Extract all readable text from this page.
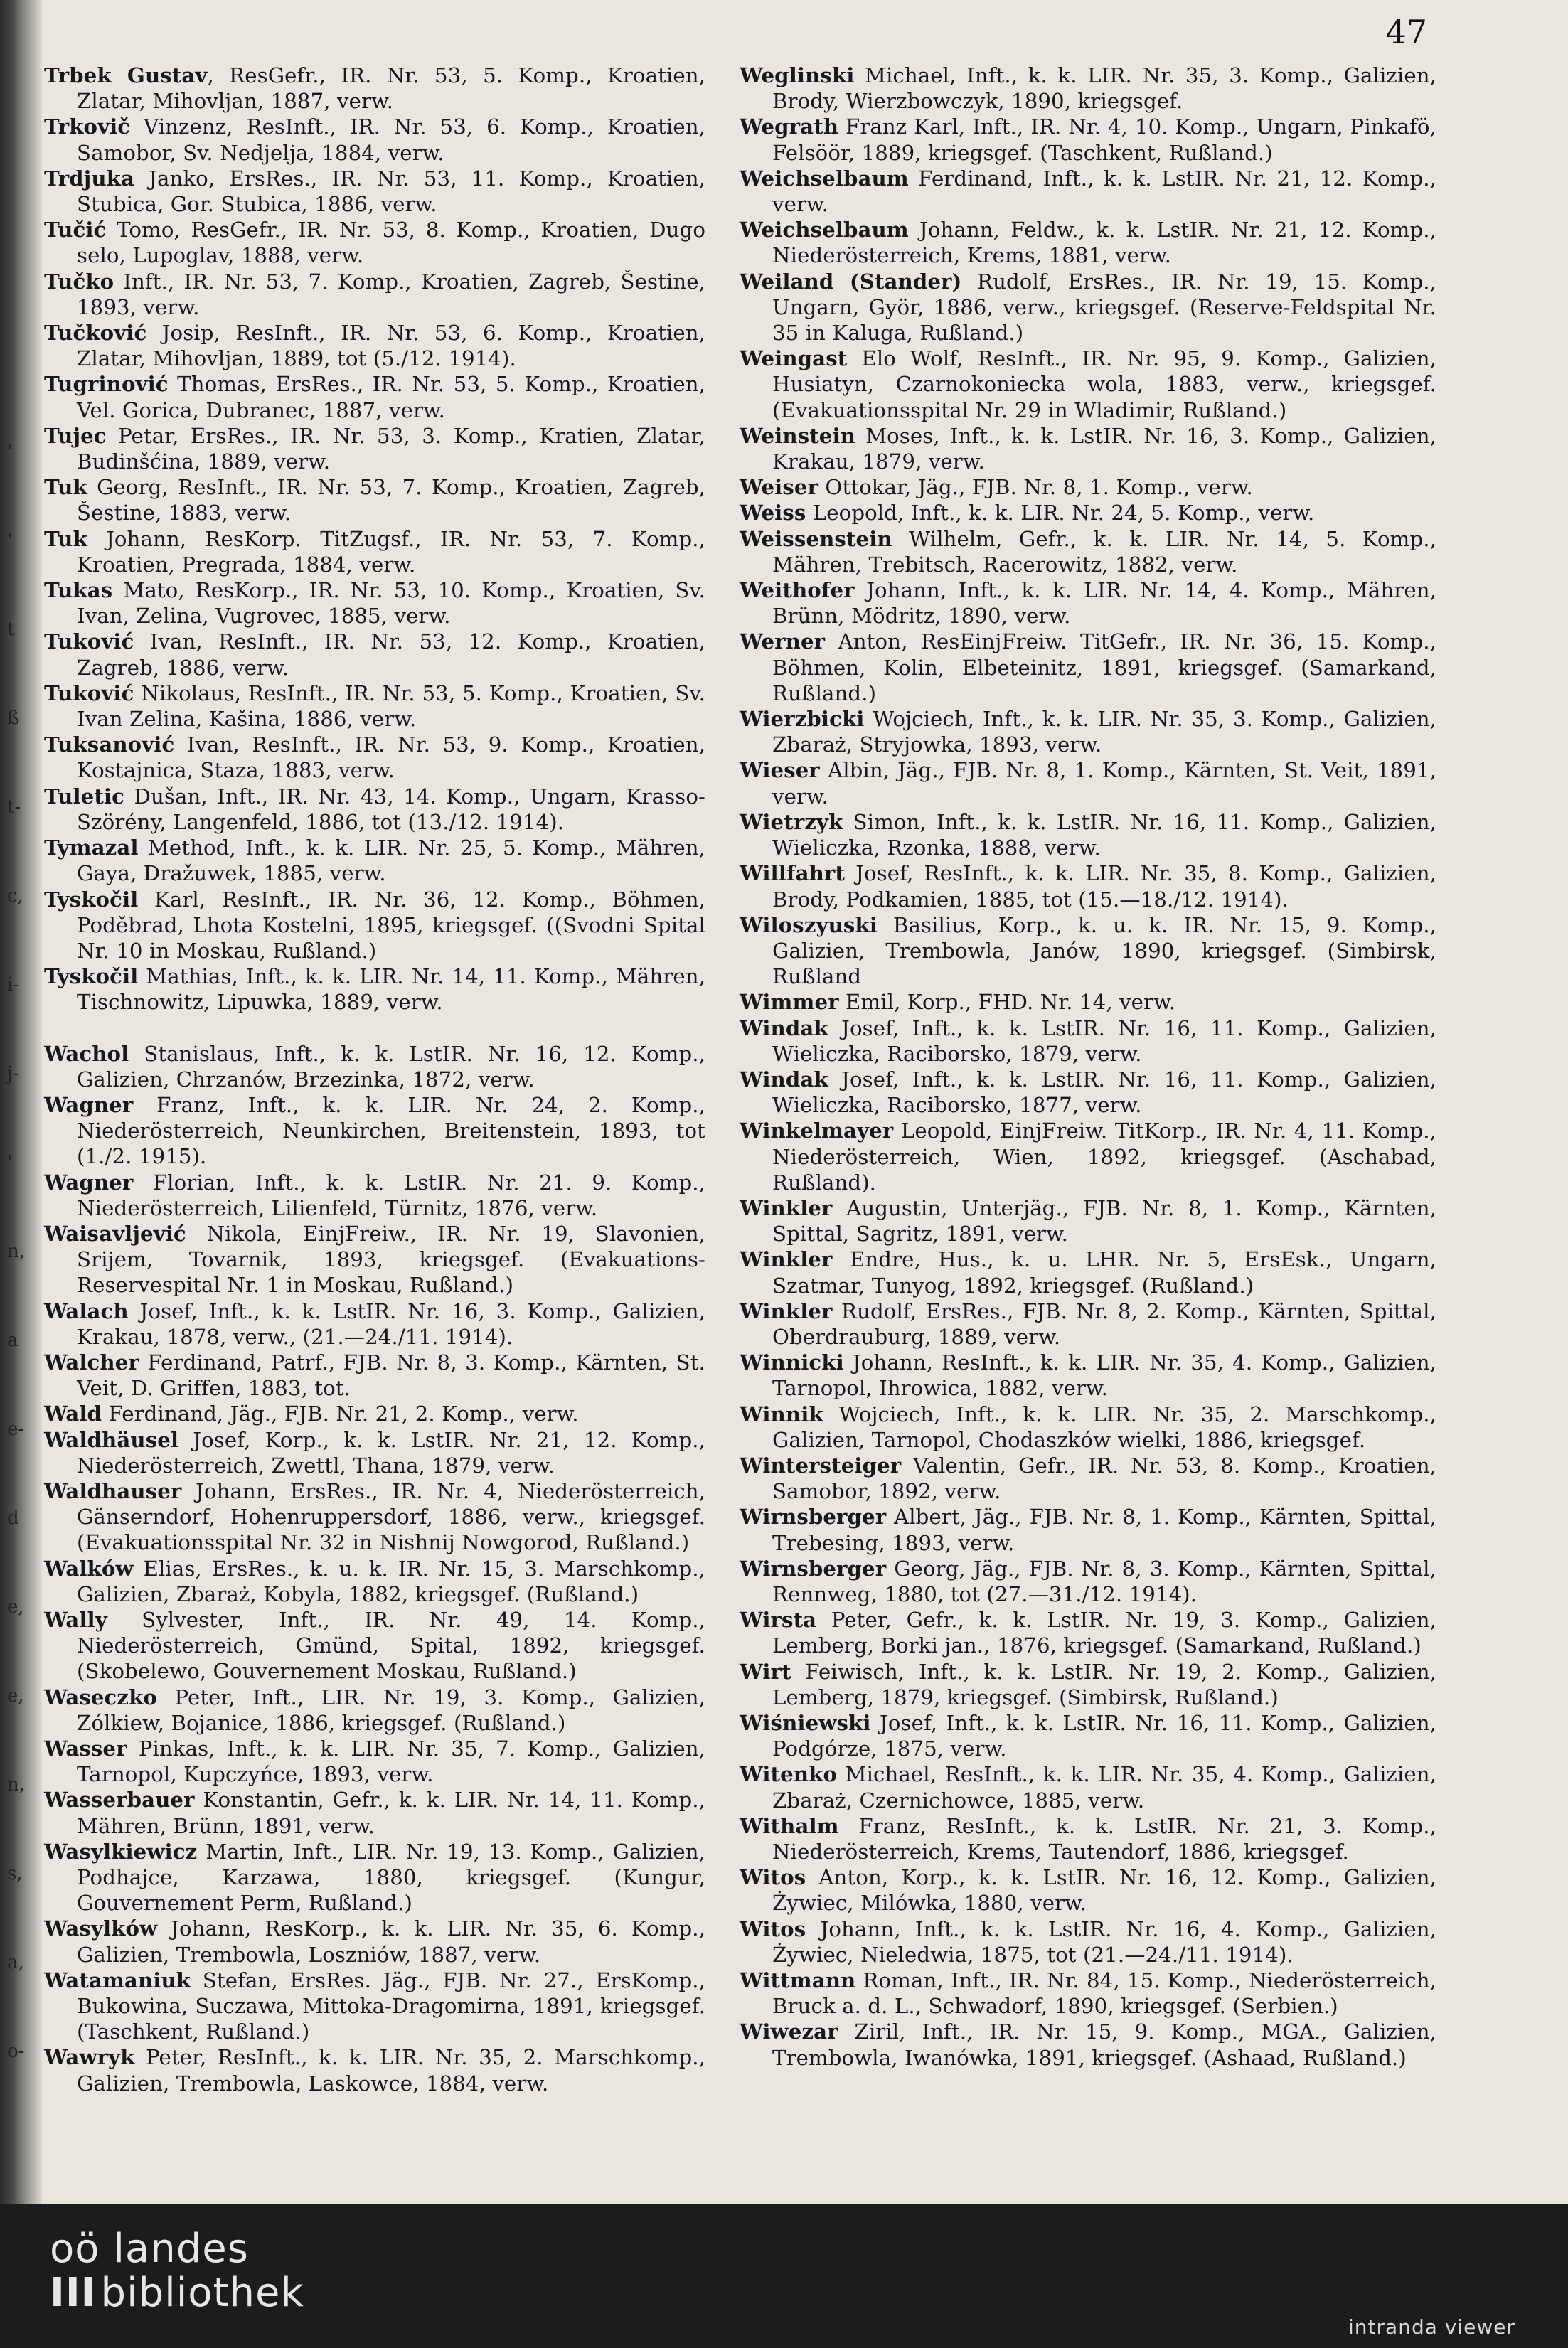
'
'
t
ß
t-
c,
i-
j-
'
n,
a
e-
d
e,
e,
n,
s,
a,
o-
47

Trbek Gustav, ResGefr., IR. Nr. 53, 5. Komp., Kroatien, Zlatar, Mihovljan, 1887, verw.

Trkovič Vinzenz, ResInft., IR. Nr. 53, 6. Komp., Kroatien, Samobor, Sv. Nedjelja, 1884, verw.

Trdjuka Janko, ErsRes., IR. Nr. 53, 11. Komp., Kroatien, Stubica, Gor. Stubica, 1886, verw.

Tučić Tomo, ResGefr., IR. Nr. 53, 8. Komp., Kroatien, Dugo selo, Lupoglav, 1888, verw.

Tučko Inft., IR. Nr. 53, 7. Komp., Kroatien, Zagreb, Šestine, 1893, verw.

Tučković Josip, ResInft., IR. Nr. 53, 6. Komp., Kroatien, Zlatar, Mihovljan, 1889, tot (5./12. 1914).

Tugrinović Thomas, ErsRes., IR. Nr. 53, 5. Komp., Kroatien, Vel. Gorica, Dubranec, 1887, verw.

Tujec Petar, ErsRes., IR. Nr. 53, 3. Komp., Kratien, Zlatar, Budinšćina, 1889, verw.

Tuk Georg, ResInft., IR. Nr. 53, 7. Komp., Kroatien, Zagreb, Šestine, 1883, verw.

Tuk Johann, ResKorp. TitZugsf., IR. Nr. 53, 7. Komp., Kroatien, Pregrada, 1884, verw.

Tukas Mato, ResKorp., IR. Nr. 53, 10. Komp., Kroatien, Sv. Ivan, Zelina, Vugrovec, 1885, verw.

Tuković Ivan, ResInft., IR. Nr. 53, 12. Komp., Kroatien, Zagreb, 1886, verw.

Tuković Nikolaus, ResInft., IR. Nr. 53, 5. Komp., Kroatien, Sv. Ivan Zelina, Kašina, 1886, verw.

Tuksanović Ivan, ResInft., IR. Nr. 53, 9. Komp., Kroatien, Kostajnica, Staza, 1883, verw.

Tuletic Dušan, Inft., IR. Nr. 43, 14. Komp., Ungarn, Krasso-Szörény, Langenfeld, 1886, tot (13./12. 1914).

Tymazal Method, Inft., k. k. LIR. Nr. 25, 5. Komp., Mähren, Gaya, Dražuwek, 1885, verw.

Tyskočil Karl, ResInft., IR. Nr. 36, 12. Komp., Böhmen, Poděbrad, Lhota Kostelni, 1895, kriegsgef. ((Svodni Spital Nr. 10 in Moskau, Rußland.)

Tyskočil Mathias, Inft., k. k. LIR. Nr. 14, 11. Komp., Mähren, Tischnowitz, Lipuwka, 1889, verw.

Wachol Stanislaus, Inft., k. k. LstIR. Nr. 16, 12. Komp., Galizien, Chrzanów, Brzezinka, 1872, verw.

Wagner Franz, Inft., k. k. LIR. Nr. 24, 2. Komp., Niederösterreich, Neunkirchen, Breitenstein, 1893, tot (1./2. 1915).

Wagner Florian, Inft., k. k. LstIR. Nr. 21. 9. Komp., Niederösterreich, Lilienfeld, Türnitz, 1876, verw.

Waisavljević Nikola, EinjFreiw., IR. Nr. 19, Slavonien, Srijem, Tovarnik, 1893, kriegsgef. (Evakuations-Reservespital Nr. 1 in Moskau, Rußland.)

Walach Josef, Inft., k. k. LstIR. Nr. 16, 3. Komp., Galizien, Krakau, 1878, verw., (21.—24./11. 1914).

Walcher Ferdinand, Patrf., FJB. Nr. 8, 3. Komp., Kärnten, St. Veit, D. Griffen, 1883, tot.

Wald Ferdinand, Jäg., FJB. Nr. 21, 2. Komp., verw.

Waldhäusel Josef, Korp., k. k. LstIR. Nr. 21, 12. Komp., Niederösterreich, Zwettl, Thana, 1879, verw.

Waldhauser Johann, ErsRes., IR. Nr. 4, Niederösterreich, Gänserndorf, Hohenruppersdorf, 1886, verw., kriegsgef. (Evakuationsspital Nr. 32 in Nishnij Nowgorod, Rußland.)

Walków Elias, ErsRes., k. u. k. IR. Nr. 15, 3. Marschkomp., Galizien, Zbaraż, Kobyla, 1882, kriegsgef. (Rußland.)

Wally Sylvester, Inft., IR. Nr. 49, 14. Komp., Niederösterreich, Gmünd, Spital, 1892, kriegsgef. (Skobelewo, Gouvernement Moskau, Rußland.)

Waseczko Peter, Inft., LIR. Nr. 19, 3. Komp., Galizien, Zólkiew, Bojanice, 1886, kriegsgef. (Rußland.)

Wasser Pinkas, Inft., k. k. LIR. Nr. 35, 7. Komp., Galizien, Tarnopol, Kupczyńce, 1893, verw.

Wasserbauer Konstantin, Gefr., k. k. LIR. Nr. 14, 11. Komp., Mähren, Brünn, 1891, verw.

Wasylkiewicz Martin, Inft., LIR. Nr. 19, 13. Komp., Galizien, Podhajce, Karzawa, 1880, kriegsgef. (Kungur, Gouvernement Perm, Rußland.)

Wasylków Johann, ResKorp., k. k. LIR. Nr. 35, 6. Komp., Galizien, Trembowla, Loszniów, 1887, verw.

Watamaniuk Stefan, ErsRes. Jäg., FJB. Nr. 27., ErsKomp., Bukowina, Suczawa, Mittoka-Dragomirna, 1891, kriegsgef. (Taschkent, Rußland.)

Wawryk Peter, ResInft., k. k. LIR. Nr. 35, 2. Marschkomp., Galizien, Trembowla, Laskowce, 1884, verw.

Weglinski Michael, Inft., k. k. LIR. Nr. 35, 3. Komp., Galizien, Brody, Wierzbowczyk, 1890, kriegsgef.

Wegrath Franz Karl, Inft., IR. Nr. 4, 10. Komp., Ungarn, Pinkafö, Felsöör, 1889, kriegsgef. (Taschkent, Rußland.)

Weichselbaum Ferdinand, Inft., k. k. LstIR. Nr. 21, 12. Komp., verw.

Weichselbaum Johann, Feldw., k. k. LstIR. Nr. 21, 12. Komp., Niederösterreich, Krems, 1881, verw.

Weiland (Stander) Rudolf, ErsRes., IR. Nr. 19, 15. Komp., Ungarn, Györ, 1886, verw., kriegsgef. (Reserve-Feldspital Nr. 35 in Kaluga, Rußland.)

Weingast Elo Wolf, ResInft., IR. Nr. 95, 9. Komp., Galizien, Husiatyn, Czarnokoniecka wola, 1883, verw., kriegsgef. (Evakuationsspital Nr. 29 in Wladimir, Rußland.)

Weinstein Moses, Inft., k. k. LstIR. Nr. 16, 3. Komp., Galizien, Krakau, 1879, verw.

Weiser Ottokar, Jäg., FJB. Nr. 8, 1. Komp., verw.

Weiss Leopold, Inft., k. k. LIR. Nr. 24, 5. Komp., verw.

Weissenstein Wilhelm, Gefr., k. k. LIR. Nr. 14, 5. Komp., Mähren, Trebitsch, Racerowitz, 1882, verw.

Weithofer Johann, Inft., k. k. LIR. Nr. 14, 4. Komp., Mähren, Brünn, Mödritz, 1890, verw.

Werner Anton, ResEinjFreiw. TitGefr., IR. Nr. 36, 15. Komp., Böhmen, Kolin, Elbeteinitz, 1891, kriegsgef. (Samarkand, Rußland.)

Wierzbicki Wojciech, Inft., k. k. LIR. Nr. 35, 3. Komp., Galizien, Zbaraż, Stryjowka, 1893, verw.

Wieser Albin, Jäg., FJB. Nr. 8, 1. Komp., Kärnten, St. Veit, 1891, verw.

Wietrzyk Simon, Inft., k. k. LstIR. Nr. 16, 11. Komp., Galizien, Wieliczka, Rzonka, 1888, verw.

Willfahrt Josef, ResInft., k. k. LIR. Nr. 35, 8. Komp., Galizien, Brody, Podkamien, 1885, tot (15.—18./12. 1914).

Wiloszyuski Basilius, Korp., k. u. k. IR. Nr. 15, 9. Komp., Galizien, Trembowla, Janów, 1890, kriegsgef. (Simbirsk, Rußland

Wimmer Emil, Korp., FHD. Nr. 14, verw.

Windak Josef, Inft., k. k. LstIR. Nr. 16, 11. Komp., Galizien, Wieliczka, Raciborsko, 1879, verw.

Windak Josef, Inft., k. k. LstIR. Nr. 16, 11. Komp., Galizien, Wieliczka, Raciborsko, 1877, verw.

Winkelmayer Leopold, EinjFreiw. TitKorp., IR. Nr. 4, 11. Komp., Niederösterreich, Wien, 1892, kriegsgef. (Aschabad, Rußland).

Winkler Augustin, Unterjäg., FJB. Nr. 8, 1. Komp., Kärnten, Spittal, Sagritz, 1891, verw.

Winkler Endre, Hus., k. u. LHR. Nr. 5, ErsEsk., Ungarn, Szatmar, Tunyog, 1892, kriegsgef. (Rußland.)

Winkler Rudolf, ErsRes., FJB. Nr. 8, 2. Komp., Kärnten, Spittal, Oberdrauburg, 1889, verw.

Winnicki Johann, ResInft., k. k. LIR. Nr. 35, 4. Komp., Galizien, Tarnopol, Ihrowica, 1882, verw.

Winnik Wojciech, Inft., k. k. LIR. Nr. 35, 2. Marschkomp., Galizien, Tarnopol, Chodaszków wielki, 1886, kriegsgef.

Wintersteiger Valentin, Gefr., IR. Nr. 53, 8. Komp., Kroatien, Samobor, 1892, verw.

Wirnsberger Albert, Jäg., FJB. Nr. 8, 1. Komp., Kärnten, Spittal, Trebesing, 1893, verw.

Wirnsberger Georg, Jäg., FJB. Nr. 8, 3. Komp., Kärnten, Spittal, Rennweg, 1880, tot (27.—31./12. 1914).

Wirsta Peter, Gefr., k. k. LstIR. Nr. 19, 3. Komp., Galizien, Lemberg, Borki jan., 1876, kriegsgef. (Samarkand, Rußland.)

Wirt Feiwisch, Inft., k. k. LstIR. Nr. 19, 2. Komp., Galizien, Lemberg, 1879, kriegsgef. (Simbirsk, Rußland.)

Wiśniewski Josef, Inft., k. k. LstIR. Nr. 16, 11. Komp., Galizien, Podgórze, 1875, verw.

Witenko Michael, ResInft., k. k. LIR. Nr. 35, 4. Komp., Galizien, Zbaraż, Czernichowce, 1885, verw.

Withalm Franz, ResInft., k. k. LstIR. Nr. 21, 3. Komp., Niederösterreich, Krems, Tautendorf, 1886, kriegsgef.

Witos Anton, Korp., k. k. LstIR. Nr. 16, 12. Komp., Galizien, Żywiec, Milówka, 1880, verw.

Witos Johann, Inft., k. k. LstIR. Nr. 16, 4. Komp., Galizien, Żywiec, Nieledwia, 1875, tot (21.—24./11. 1914).

Wittmann Roman, Inft., IR. Nr. 84, 15. Komp., Niederösterreich, Bruck a. d. L., Schwadorf, 1890, kriegsgef. (Serbien.)

Wiwezar Ziril, Inft., IR. Nr. 15, 9. Komp., MGA., Galizien, Trembowla, Iwanówka, 1891, kriegsgef. (Ashaad, Rußland.)

oö landes
III bibliothek
intranda viewer
